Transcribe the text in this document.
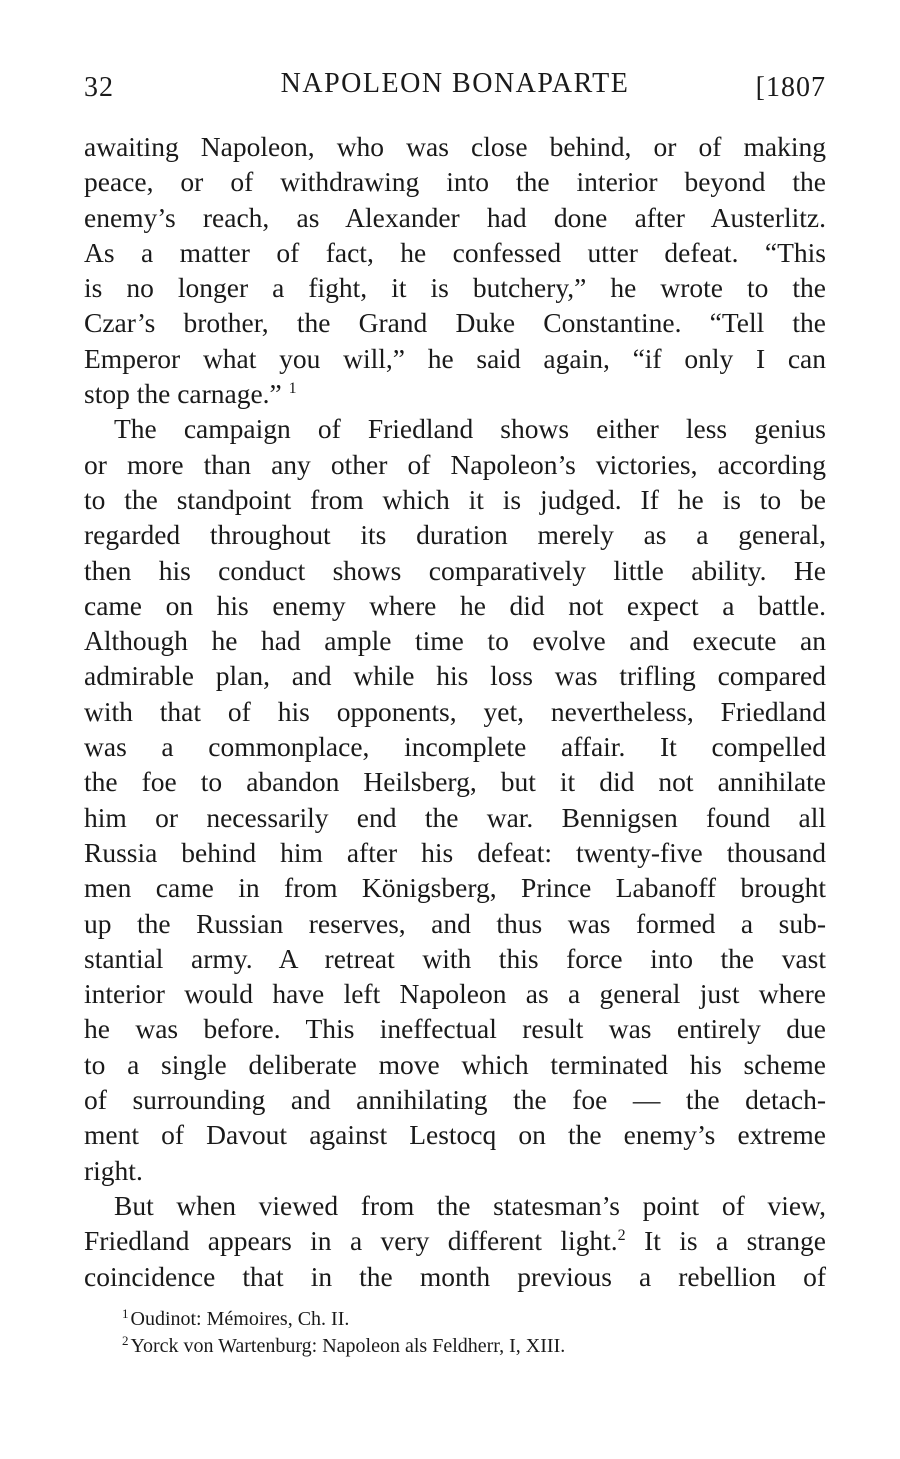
32	NAPOLEON BONAPARTE	[1807
awaiting Napoleon, who was close behind, or of making
peace, or of withdrawing into the interior beyond the
enemy’s reach, as Alexander had done after Austerlitz.
As a matter of fact, he confessed utter defeat. “This
is no longer a fight, it is butchery,” he wrote to the
Czar’s brother, the Grand Duke Constantine. “Tell the
Emperor what you will,” he said again, “if only I can
stop the carnage.” $^1$
The campaign of Friedland shows either less genius
or more than any other of Napoleon’s victories, according
to the standpoint from which it is judged. If he is to be
regarded throughout its duration merely as a general,
then his conduct shows comparatively little ability. He
came on his enemy where he did not expect a battle.
Although he had ample time to evolve and execute an
admirable plan, and while his loss was trifling compared
with that of his opponents, yet, nevertheless, Friedland
was a commonplace, incomplete affair. It compelled
the foe to abandon Heilsberg, but it did not annihilate
him or necessarily end the war. Bennigsen found all
Russia behind him after his defeat: twenty-five thousand
men came in from Königsberg, Prince Labanoff brought
up the Russian reserves, and thus was formed a sub-
stantial army. A retreat with this force into the vast
interior would have left Napoleon as a general just where
he was before. This ineffectual result was entirely due
to a single deliberate move which terminated his scheme
of surrounding and annihilating the foe — the detach-
ment of Davout against Lestocq on the enemy’s extreme
right.
But when viewed from the statesman’s point of view,
Friedland appears in a very different light.$^2$ It is a strange
coincidence that in the month previous a rebellion of
$^1$ Oudinot: Mémoires, Ch. II.
$^2$ Yorck von Wartenburg: Napoleon als Feldherr, I, XIII.
